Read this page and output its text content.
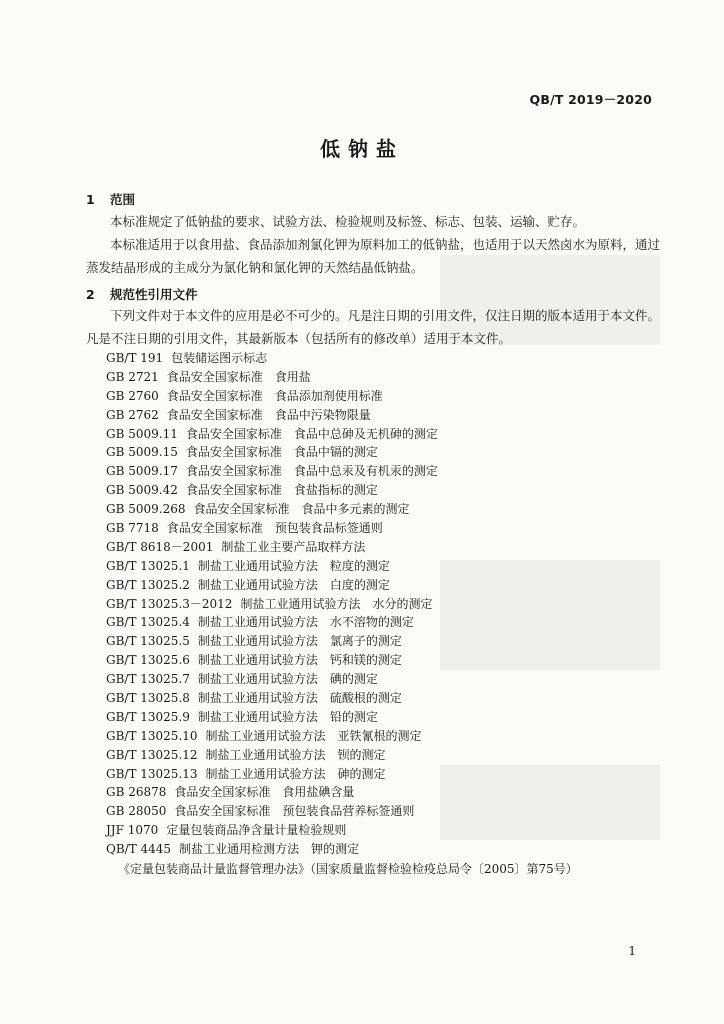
QB/T 2019－2020
低钠盐
1 范围
本标准规定了低钠盐的要求、试验方法、检验规则及标签、标志、包装、运输、贮存。
本标准适用于以食用盐、食品添加剂氯化钾为原料加工的低钠盐，也适用于以天然卤水为原料，通过蒸发结晶形成的主成分为氯化钠和氯化钾的天然结晶低钠盐。
2 规范性引用文件
下列文件对于本文件的应用是必不可少的。凡是注日期的引用文件，仅注日期的版本适用于本文件。凡是不注日期的引用文件，其最新版本（包括所有的修改单）适用于本文件。
GB/T 191 包装储运图示标志
GB 2721 食品安全国家标准　食用盐
GB 2760 食品安全国家标准　食品添加剂使用标准
GB 2762 食品安全国家标准　食品中污染物限量
GB 5009.11 食品安全国家标准　食品中总砷及无机砷的测定
GB 5009.15 食品安全国家标准　食品中镉的测定
GB 5009.17 食品安全国家标准　食品中总汞及有机汞的测定
GB 5009.42 食品安全国家标准　食盐指标的测定
GB 5009.268 食品安全国家标准　食品中多元素的测定
GB 7718 食品安全国家标准　预包装食品标签通则
GB/T 8618－2001 制盐工业主要产品取样方法
GB/T 13025.1 制盐工业通用试验方法　粒度的测定
GB/T 13025.2 制盐工业通用试验方法　白度的测定
GB/T 13025.3－2012 制盐工业通用试验方法　水分的测定
GB/T 13025.4 制盐工业通用试验方法　水不溶物的测定
GB/T 13025.5 制盐工业通用试验方法　氯离子的测定
GB/T 13025.6 制盐工业通用试验方法　钙和镁的测定
GB/T 13025.7 制盐工业通用试验方法　碘的测定
GB/T 13025.8 制盐工业通用试验方法　硫酸根的测定
GB/T 13025.9 制盐工业通用试验方法　铅的测定
GB/T 13025.10 制盐工业通用试验方法　亚铁氰根的测定
GB/T 13025.12 制盐工业通用试验方法　钡的测定
GB/T 13025.13 制盐工业通用试验方法　砷的测定
GB 26878 食品安全国家标准　食用盐碘含量
GB 28050 食品安全国家标准　预包装食品营养标签通则
JJF 1070 定量包装商品净含量计量检验规则
QB/T 4445 制盐工业通用检测方法　钾的测定
《定量包装商品计量监督管理办法》（国家质量监督检验检疫总局令〔2005〕第75号）
1
